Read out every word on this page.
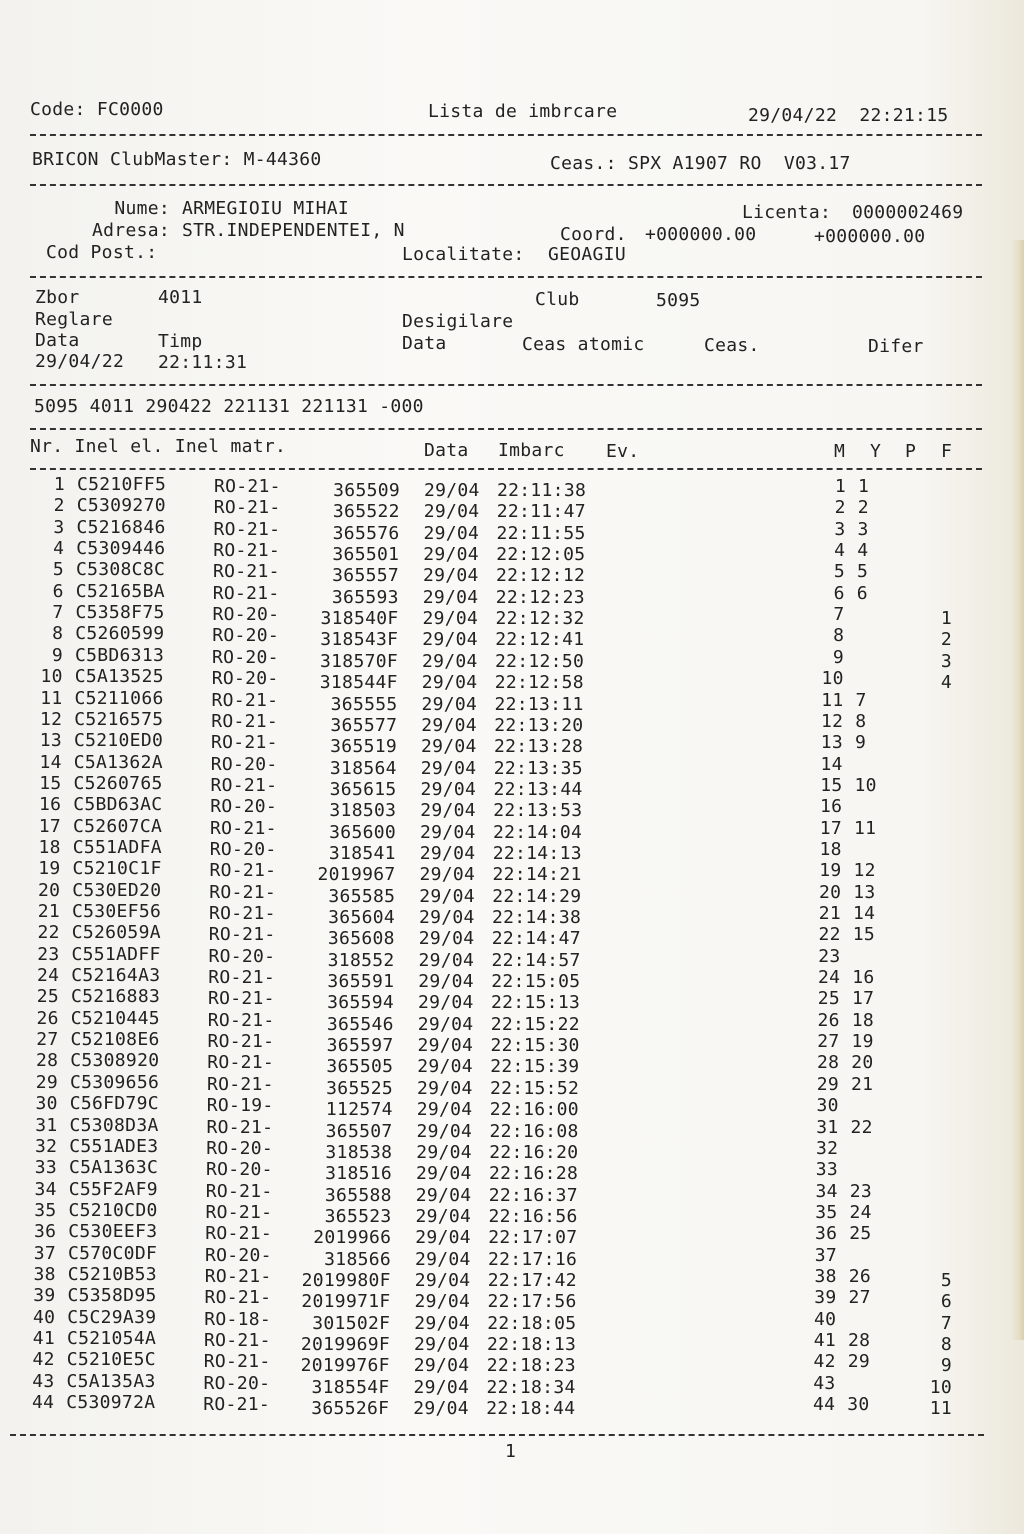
Code: FC0000	Lista de imbrcare	29/04/22  22:21:15
BRICON ClubMaster: M-44360	Ceas.: SPX A1907 RO  V03.17
Nume: ARMEGIOIU MIHAI	Licenta: 0000002469
Adresa: STR.INDEPENDENTEI, N	Coord. +000000.00	+000000.00
Cod Post.:	Localitate: GEOAGIU
Zbor	4011	Club	5095
Reglare	Desigilare
Data	Timp	Data	Ceas atomic	Ceas.	Difer
29/04/22 22:11:31
5095 4011 290422 221131 221131 -000
Nr. Inel el. Inel matr.	Data Imbarc Ev.	M Y P F
1 C5210FF5	RO-21-	365509 29/04 22:11:38	1 1
2 C5309270	RO-21-	365522 29/04 22:11:47	2 2
3 C5216846	RO-21-	365576 29/04 22:11:55	3 3
4 C5309446	RO-21-	365501 29/04 22:12:05	4 4
5 C5308C8C	RO-21-	365557 29/04 22:12:12	5 5
6 C52165BA	RO-21-	365593 29/04 22:12:23	6 6
7 C5358F75	RO-20-	318540F 29/04 22:12:32	7	1
8 C5260599	RO-20-	318543F 29/04 22:12:41	8	2
9 C5BD6313	RO-20-	318570F 29/04 22:12:50	9	3
10 C5A13525	RO-20-	318544F 29/04 22:12:58	10	4
11 C5211066	RO-21-	365555 29/04 22:13:11	11 7
12 C5216575	RO-21-	365577 29/04 22:13:20	12 8
13 C5210ED0	RO-21-	365519 29/04 22:13:28	13 9
14 C5A1362A	RO-20-	318564 29/04 22:13:35	14
15 C5260765	RO-21-	365615 29/04 22:13:44	15 10
16 C5BD63AC	RO-20-	318503 29/04 22:13:53	16
17 C52607CA	RO-21-	365600 29/04 22:14:04	17 11
18 C551ADFA	RO-20-	318541 29/04 22:14:13	18
19 C5210C1F	RO-21-	2019967 29/04 22:14:21	19 12
20 C530ED20	RO-21-	365585 29/04 22:14:29	20 13
21 C530EF56	RO-21-	365604 29/04 22:14:38	21 14
22 C526059A	RO-21-	365608 29/04 22:14:47	22 15
23 C551ADFF	RO-20-	318552 29/04 22:14:57	23
24 C52164A3	RO-21-	365591 29/04 22:15:05	24 16
25 C5216883	RO-21-	365594 29/04 22:15:13	25 17
26 C5210445	RO-21-	365546 29/04 22:15:22	26 18
27 C52108E6	RO-21-	365597 29/04 22:15:30	27 19
28 C5308920	RO-21-	365505 29/04 22:15:39	28 20
29 C5309656	RO-21-	365525 29/04 22:15:52	29 21
30 C56FD79C	RO-19-	112574 29/04 22:16:00	30
31 C5308D3A	RO-21-	365507 29/04 22:16:08	31 22
32 C551ADE3	RO-20-	318538 29/04 22:16:20	32
33 C5A1363C	RO-20-	318516 29/04 22:16:28	33
34 C55F2AF9	RO-21-	365588 29/04 22:16:37	34 23
35 C5210CD0	RO-21-	365523 29/04 22:16:56	35 24
36 C530EEF3	RO-21-	2019966 29/04 22:17:07	36 25
37 C570C0DF	RO-20-	318566 29/04 22:17:16	37
38 C5210B53	RO-21-	2019980F 29/04 22:17:42	38 26	5
39 C5358D95	RO-21-	2019971F 29/04 22:17:56	39 27	6
40 C5C29A39	RO-18-	301502F 29/04 22:18:05	40	7
41 C521054A	RO-21-	2019969F 29/04 22:18:13	41 28	8
42 C5210E5C	RO-21-	2019976F 29/04 22:18:23	42 29	9
43 C5A135A3	RO-20-	318554F 29/04 22:18:34	43	10
44 C530972A	RO-21-	365526F 29/04 22:18:44	44 30	11
1
